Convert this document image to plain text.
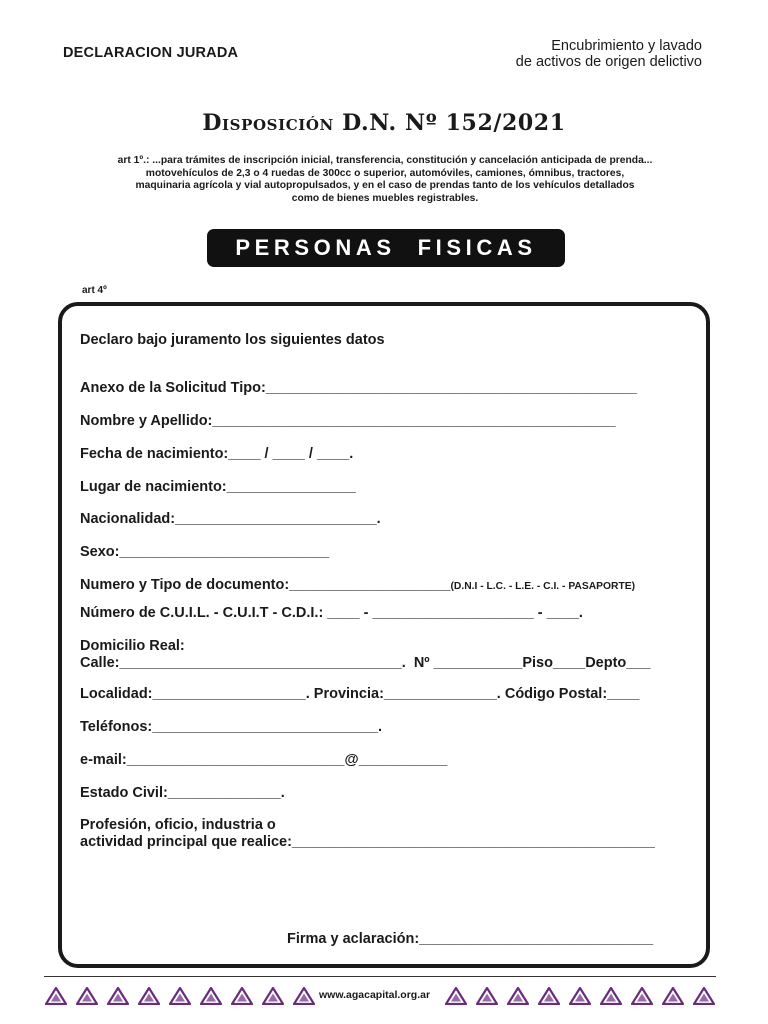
DECLARACION JURADA	Encubrimiento y lavado
de activos de origen delictivo
Disposición D.N. Nº 152/2021
art 1º.: ...para trámites de inscripción inicial, transferencia, constitución y cancelación anticipada de prenda...
motovehículos de 2,3 o 4 ruedas de 300cc o superior, automóviles, camiones, ómnibus, tractores,
maquinaria agrícola y vial autopropulsados, y en el caso de prendas tanto de los vehículos detallados
como de bienes muebles registrables.
PERSONAS FISICAS
art 4º
Declaro bajo juramento los siguientes datos
Anexo de la Solicitud Tipo:______________________________________________
Nombre y Apellido:__________________________________________________
Fecha de nacimiento:____ / ____ / ____.
Lugar de nacimiento:________________
Nacionalidad:_________________________.
Sexo:__________________________
Numero y Tipo de documento:____________________(D.N.I - L.C. - L.E. - C.I. - PASAPORTE)
Número de C.U.I.L. - C.U.I.T - C.D.I.: ____ - ____________________ - ____.
Domicilio Real:
Calle:___________________________________.  Nº ___________Piso____Depto___
Localidad:___________________. Provincia:______________. Código Postal:____
Teléfonos:____________________________.
e-mail:___________________________@___________
Estado Civil:______________.
Profesión, oficio, industria o
actividad principal que realice:_____________________________________________
Firma y aclaración:_____________________________
www.agacapital.org.ar
